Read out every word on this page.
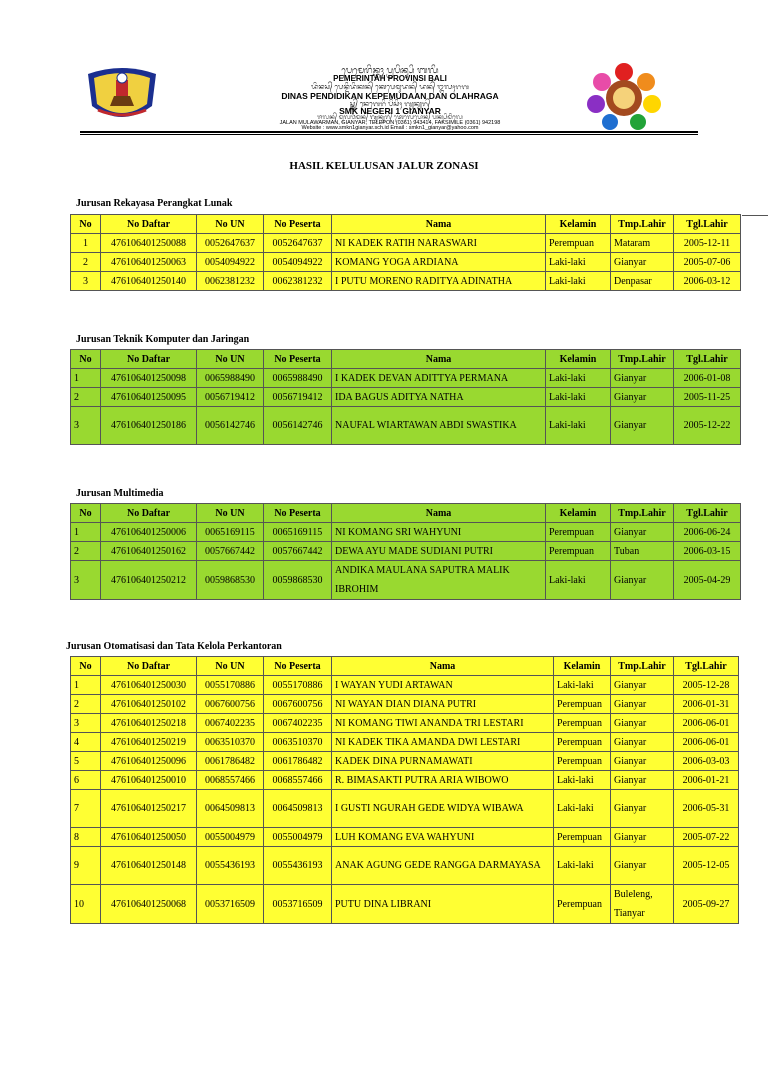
ᬧᬾᬫᬾᬭᬶᬦ᭄ᬢᬄ ᬧ᭄ᬭᬧᬶᬦ᭄ᬲᬶ ᬩᬮᬶ
PEMERINTAH PROVINSI BALI
ᬤᬶᬦᬲ᭄ ᬧᬾᬦ᭄ᬤᬶᬤᬶᬓᬦ᭄ ᬓᬾᬧᬾᬫᬸᬤᬦ᭄ ᬤᬦ᭄ ᬑᬮᬄᬭᬕ
DINAS PENDIDIKAN KEPEMUDAAN DAN OLAHRAGA
ᬲ᭄ᬫ᭄ᬓ᭄ ᬦᬾᬕᬾᬭᬶ ᬧᬶᬲᬶᬄ ᬕ᭄ᬬᬦ᭄ᬬᬭ᭄
SMK NEGERI 1 GIANYAR
ᬚᬮᬦ᭄ ᬫᬸᬮᬯᬃᬫᬦ᭄ ᬕ᭄ᬬᬦ᭄ᬬᬭ᭄ ᬢᬾᬮᬾᬧᭀᬦ᭄ ᬧᬓ᭄ᬲᬶᬫᬶᬮᬾ
JALAN MULAWARMAN, GIANYAR, TELEPON (0361) 943414, FAKSIMILE (0361) 942198
Website : www.smkn1gianyar.sch.id Email : smkn1_gianyar@yahoo.com
HASIL KELULUSAN JALUR ZONASI
Jurusan Rekayasa Perangkat Lunak
Jurusan Teknik Komputer dan Jaringan
Jurusan Multimedia
Jurusan Otomatisasi dan Tata Kelola Perkantoran
No	No Daftar	No UN	No Peserta	Nama	Kelamin	Tmp.Lahir	Tgl.Lahir
1	476106401250088	0052647637	0052647637	NI KADEK RATIH NARASWARI	Perempuan	Mataram	2005-12-11
2	476106401250063	0054094922	0054094922	KOMANG YOGA ARDIANA	Laki-laki	Gianyar	2005-07-06
3	476106401250140	0062381232	0062381232	I PUTU MORENO RADITYA ADINATHA	Laki-laki	Denpasar	2006-03-12
No	No Daftar	No UN	No Peserta	Nama	Kelamin	Tmp.Lahir	Tgl.Lahir
1	476106401250098	0065988490	0065988490	I KADEK DEVAN ADITTYA PERMANA	Laki-laki	Gianyar	2006-01-08
2	476106401250095	0056719412	0056719412	IDA BAGUS ADITYA NATHA	Laki-laki	Gianyar	2005-11-25
3	476106401250186	0056142746	0056142746	NAUFAL WIARTAWAN ABDI SWASTIKA	Laki-laki	Gianyar	2005-12-22
No	No Daftar	No UN	No Peserta	Nama	Kelamin	Tmp.Lahir	Tgl.Lahir
1	476106401250006	0065169115	0065169115	NI KOMANG SRI WAHYUNI	Perempuan	Gianyar	2006-06-24
2	476106401250162	0057667442	0057667442	DEWA AYU MADE SUDIANI PUTRI	Perempuan	Tuban	2006-03-15
3	476106401250212	0059868530	0059868530	ANDIKA MAULANA SAPUTRA MALIK IBROHIM	Laki-laki	Gianyar	2005-04-29
No	No Daftar	No UN	No Peserta	Nama	Kelamin	Tmp.Lahir	Tgl.Lahir
1	476106401250030	0055170886	0055170886	I WAYAN YUDI ARTAWAN	Laki-laki	Gianyar	2005-12-28
2	476106401250102	0067600756	0067600756	NI WAYAN DIAN DIANA PUTRI	Perempuan	Gianyar	2006-01-31
3	476106401250218	0067402235	0067402235	NI KOMANG TIWI ANANDA TRI LESTARI	Perempuan	Gianyar	2006-06-01
4	476106401250219	0063510370	0063510370	NI KADEK TIKA AMANDA DWI LESTARI	Perempuan	Gianyar	2006-06-01
5	476106401250096	0061786482	0061786482	KADEK DINA PURNAMAWATI	Perempuan	Gianyar	2006-03-03
6	476106401250010	0068557466	0068557466	R. BIMASAKTI PUTRA ARIA WIBOWO	Laki-laki	Gianyar	2006-01-21
7	476106401250217	0064509813	0064509813	I GUSTI NGURAH GEDE WIDYA WIBAWA	Laki-laki	Gianyar	2006-05-31
8	476106401250050	0055004979	0055004979	LUH KOMANG EVA WAHYUNI	Perempuan	Gianyar	2005-07-22
9	476106401250148	0055436193	0055436193	ANAK AGUNG GEDE RANGGA DARMAYASA	Laki-laki	Gianyar	2005-12-05
10	476106401250068	0053716509	0053716509	PUTU DINA LIBRANI	Perempuan	Buleleng, Tianyar	2005-09-27
